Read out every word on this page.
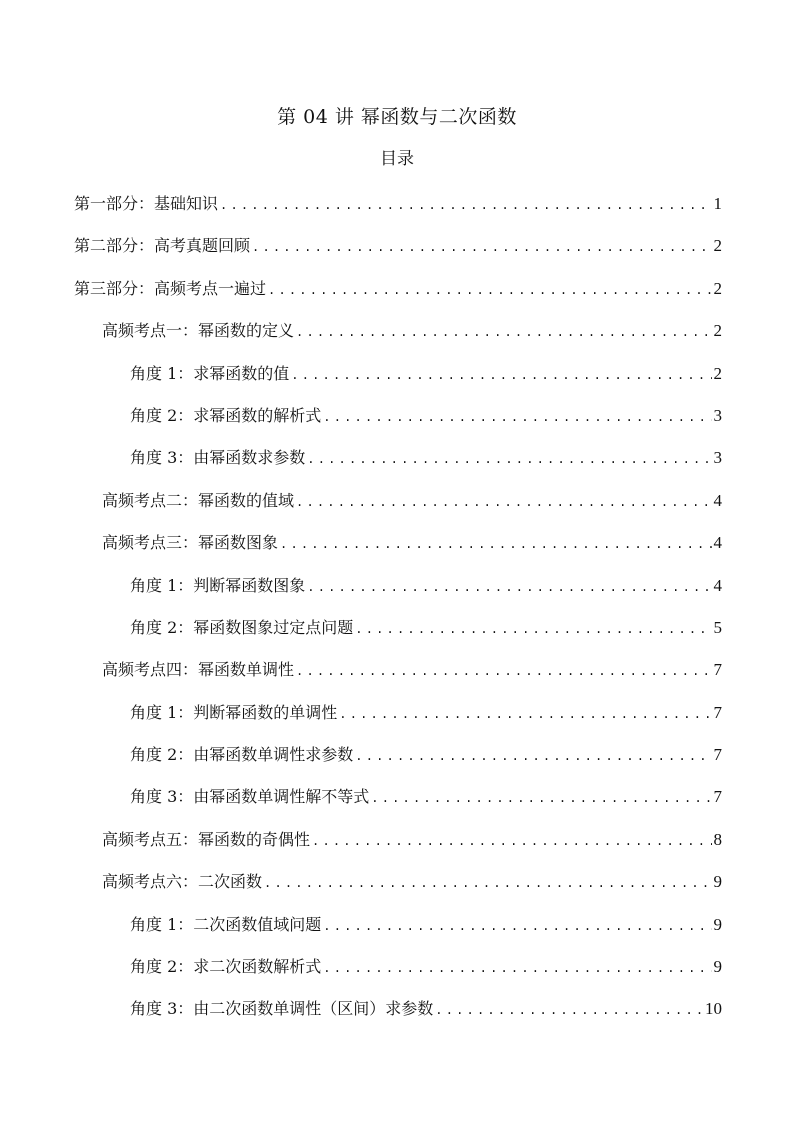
第 04 讲 幂函数与二次函数
目录
第一部分：基础知识 .....	1
第二部分：高考真题回顾 .....	2
第三部分：高频考点一遍过 .....	2
高频考点一：幂函数的定义 .....	2
角度 1：求幂函数的值 .....	2
角度 2：求幂函数的解析式 .....	3
角度 3：由幂函数求参数 .....	3
高频考点二：幂函数的值域 .....	4
高频考点三：幂函数图象 .....	4
角度 1：判断幂函数图象 .....	4
角度 2：幂函数图象过定点问题 .....	5
高频考点四：幂函数单调性 .....	7
角度 1：判断幂函数的单调性 .....	7
角度 2：由幂函数单调性求参数 .....	7
角度 3：由幂函数单调性解不等式 .....	7
高频考点五：幂函数的奇偶性 .....	8
高频考点六：二次函数 .....	9
角度 1：二次函数值域问题 .....	9
角度 2：求二次函数解析式 .....	9
角度 3：由二次函数单调性（区间）求参数 .....	10
